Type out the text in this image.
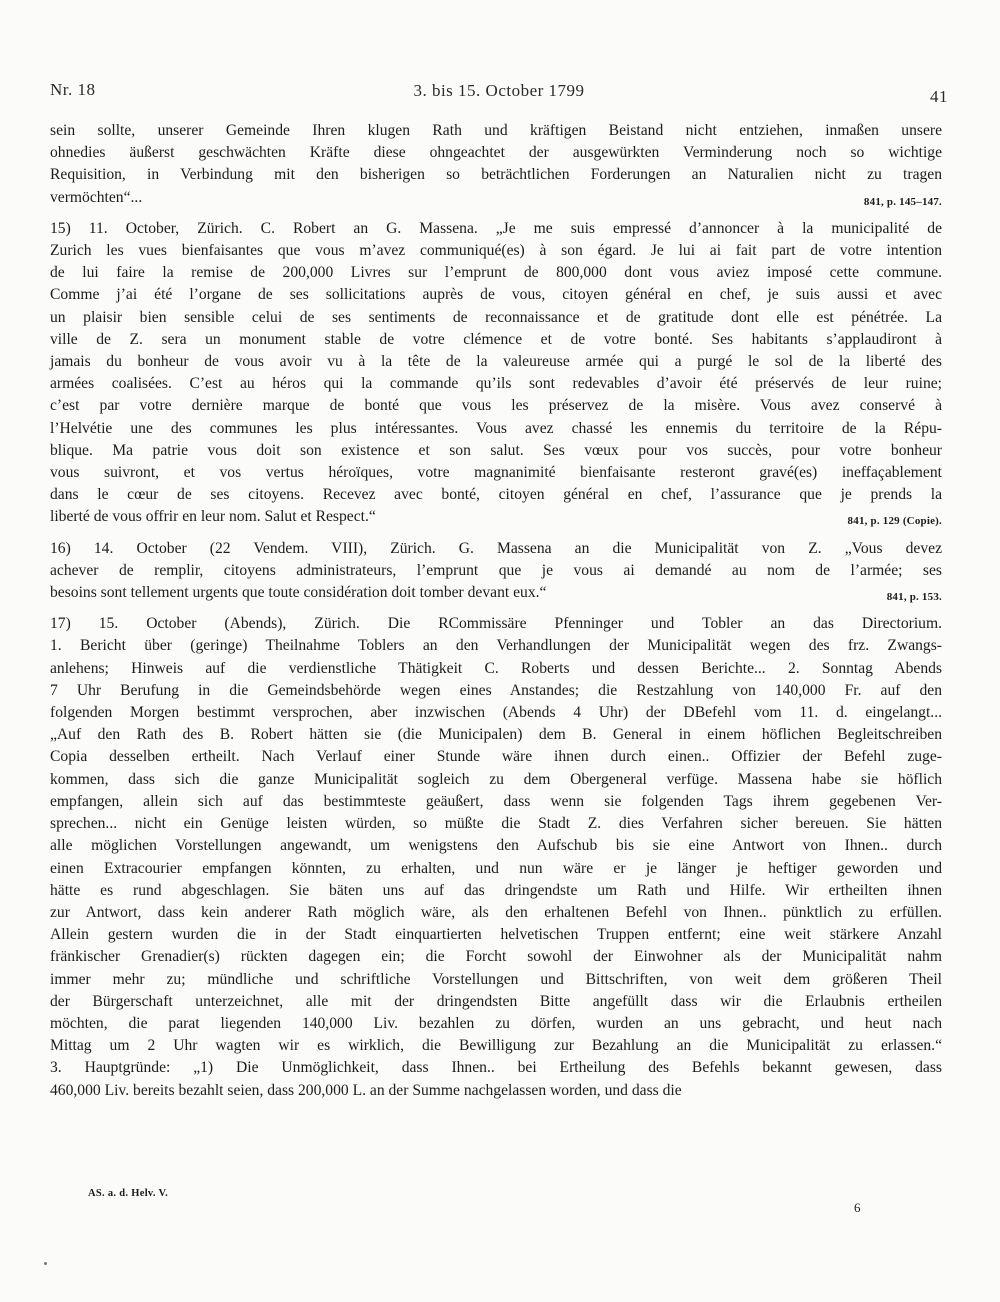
Nr. 18	3. bis 15. October 1799	41
sein sollte, unserer Gemeinde Ihren klugen Rath und kräftigen Beistand nicht entziehen, inmaßen unsere
ohnedies äußerst geschwächten Kräfte diese ohngeachtet der ausgewürkten Verminderung noch so wichtige
Requisition, in Verbindung mit den bisherigen so beträchtlichen Forderungen an Naturalien nicht zu tragen
841, p. 145–147.
vermöchten“...
15) 11. October, Zürich. C. Robert an G. Massena. „Je me suis empressé d’annoncer à la municipalité de
Zurich les vues bienfaisantes que vous m’avez communiqué(es) à son égard. Je lui ai fait part de votre intention
de lui faire la remise de 200,000 Livres sur l’emprunt de 800,000 dont vous aviez imposé cette commune.
Comme j’ai été l’organe de ses sollicitations auprès de vous, citoyen général en chef, je suis aussi et avec
un plaisir bien sensible celui de ses sentiments de reconnaissance et de gratitude dont elle est pénétrée. La
ville de Z. sera un monument stable de votre clémence et de votre bonté. Ses habitants s’applaudiront à
jamais du bonheur de vous avoir vu à la tête de la valeureuse armée qui a purgé le sol de la liberté des
armées coalisées. C’est au héros qui la commande qu’ils sont redevables d’avoir été préservés de leur ruine;
c’est par votre dernière marque de bonté que vous les préservez de la misère. Vous avez conservé à
l’Helvétie une des communes les plus intéressantes. Vous avez chassé les ennemis du territoire de la Répu-
blique. Ma patrie vous doit son existence et son salut. Ses vœux pour vos succès, pour votre bonheur
vous suivront, et vos vertus héroïques, votre magnanimité bienfaisante resteront gravé(es) ineffaçablement
dans le cœur de ses citoyens. Recevez avec bonté, citoyen général en chef, l’assurance que je prends la
841, p. 129 (Copie).
liberté de vous offrir en leur nom. Salut et Respect.“
16) 14. October (22 Vendem. VIII), Zürich. G. Massena an die Municipalität von Z. „Vous devez
achever de remplir, citoyens administrateurs, l’emprunt que je vous ai demandé au nom de l’armée; ses
841, p. 153.
besoins sont tellement urgents que toute considération doit tomber devant eux.“
17) 15. October (Abends), Zürich. Die RCommissäre Pfenninger und Tobler an das Directorium.
1. Bericht über (geringe) Theilnahme Toblers an den Verhandlungen der Municipalität wegen des frz. Zwangs-
anlehens; Hinweis auf die verdienstliche Thätigkeit C. Roberts und dessen Berichte... 2. Sonntag Abends
7 Uhr Berufung in die Gemeindsbehörde wegen eines Anstandes; die Restzahlung von 140,000 Fr. auf den
folgenden Morgen bestimmt versprochen, aber inzwischen (Abends 4 Uhr) der DBefehl vom 11. d. eingelangt...
„Auf den Rath des B. Robert hätten sie (die Municipalen) dem B. General in einem höflichen Begleitschreiben
Copia desselben ertheilt. Nach Verlauf einer Stunde wäre ihnen durch einen.. Offizier der Befehl zuge-
kommen, dass sich die ganze Municipalität sogleich zu dem Obergeneral verfüge. Massena habe sie höflich
empfangen, allein sich auf das bestimmteste geäußert, dass wenn sie folgenden Tags ihrem gegebenen Ver-
sprechen... nicht ein Genüge leisten würden, so müßte die Stadt Z. dies Verfahren sicher bereuen. Sie hätten
alle möglichen Vorstellungen angewandt, um wenigstens den Aufschub bis sie eine Antwort von Ihnen.. durch
einen Extracourier empfangen könnten, zu erhalten, und nun wäre er je länger je heftiger geworden und
hätte es rund abgeschlagen. Sie bäten uns auf das dringendste um Rath und Hilfe. Wir ertheilten ihnen
zur Antwort, dass kein anderer Rath möglich wäre, als den erhaltenen Befehl von Ihnen.. pünktlich zu erfüllen.
Allein gestern wurden die in der Stadt einquartierten helvetischen Truppen entfernt; eine weit stärkere Anzahl
fränkischer Grenadier(s) rückten dagegen ein; die Forcht sowohl der Einwohner als der Municipalität nahm
immer mehr zu; mündliche und schriftliche Vorstellungen und Bittschriften, von weit dem größeren Theil
der Bürgerschaft unterzeichnet, alle mit der dringendsten Bitte angefüllt dass wir die Erlaubnis ertheilen
möchten, die parat liegenden 140,000 Liv. bezahlen zu dörfen, wurden an uns gebracht, und heut nach
Mittag um 2 Uhr wagten wir es wirklich, die Bewilligung zur Bezahlung an die Municipalität zu erlassen.“
3. Hauptgründe: „1) Die Unmöglichkeit, dass Ihnen.. bei Ertheilung des Befehls bekannt gewesen, dass
460,000 Liv. bereits bezahlt seien, dass 200,000 L. an der Summe nachgelassen worden, und dass die
AS. a. d. Helv. V.
6
